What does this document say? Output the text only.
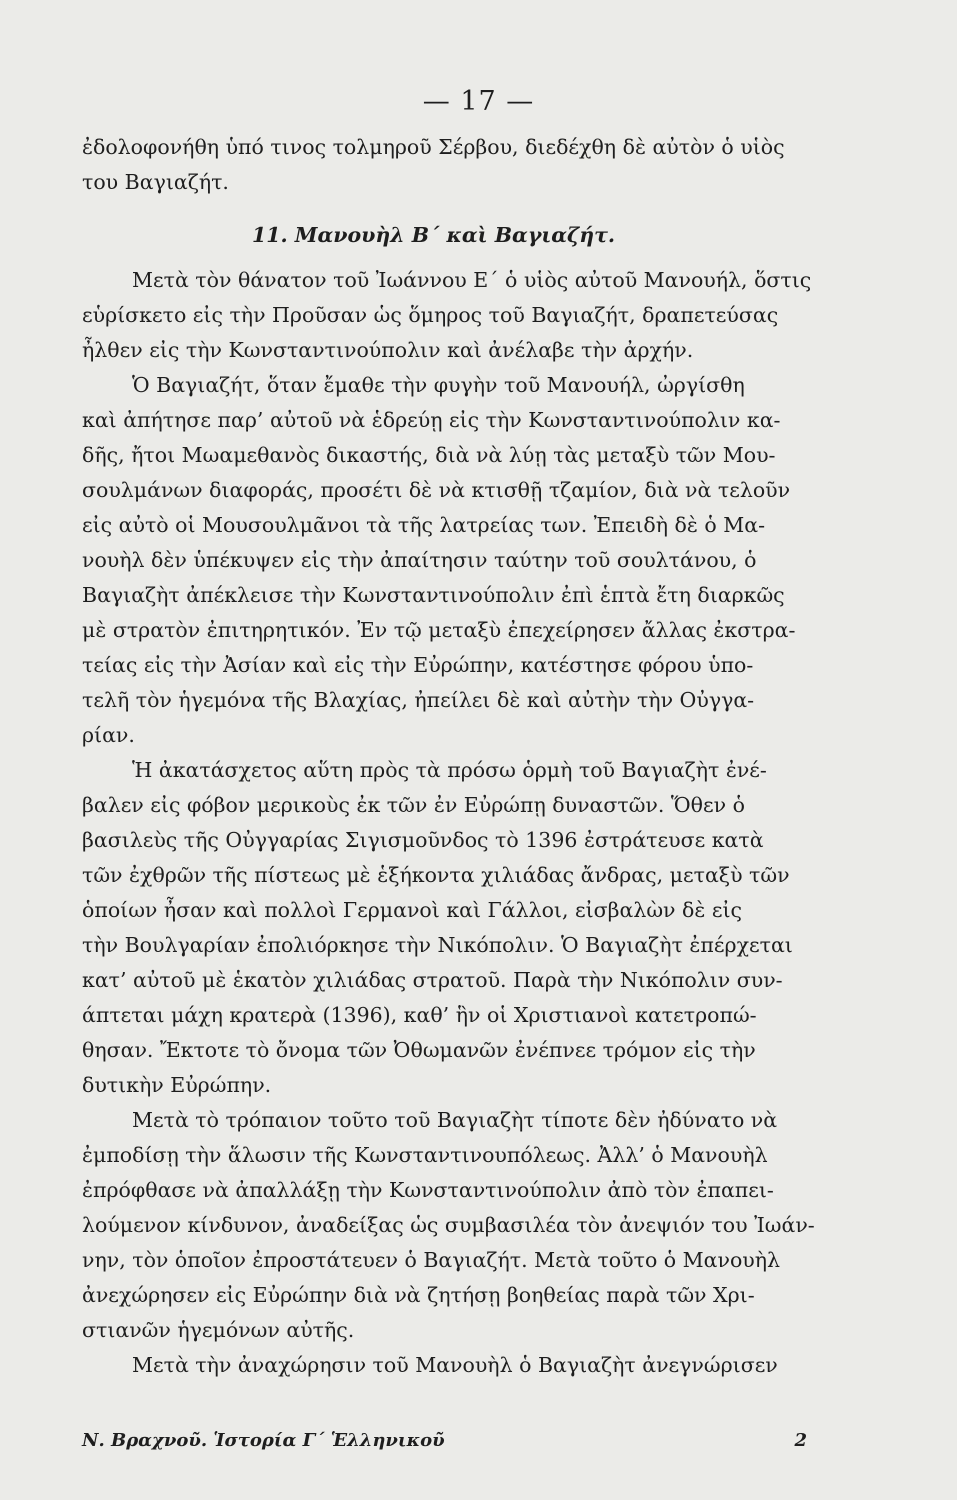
— 17 —
ἐδολοφονήθη ὑπό τινος τολμηροῦ Σέρβου, διεδέχθη δὲ αὐτὸν ὁ υἱὸς
του Βαγιαζήτ.
11. Μανουὴλ Β΄ καὶ Βαγιαζήτ.
Μετὰ τὸν θάνατον τοῦ Ἰωάννου Ε΄ ὁ υἱὸς αὐτοῦ Μανουήλ, ὅστις
εὑρίσκετο εἰς τὴν Προῦσαν ὡς ὅμηρος τοῦ Βαγιαζήτ, δραπετεύσας
ἦλθεν εἰς τὴν Κωνσταντινούπολιν καὶ ἀνέλαβε τὴν ἀρχήν.
Ὁ Βαγιαζήτ, ὅταν ἔμαθε τὴν φυγὴν τοῦ Μανουήλ, ὠργίσθη
καὶ ἀπήτησε παρ’ αὐτοῦ νὰ ἑδρεύῃ εἰς τὴν Κωνσταντινούπολιν κα-
δῆς, ἤτοι Μωαμεθανὸς δικαστής, διὰ νὰ λύῃ τὰς μεταξὺ τῶν Μου-
σουλμάνων διαφοράς, προσέτι δὲ νὰ κτισθῇ τζαμίον, διὰ νὰ τελοῦν
εἰς αὐτὸ οἱ Μουσουλμᾶνοι τὰ τῆς λατρείας των. Ἐπειδὴ δὲ ὁ Μα-
νουὴλ δὲν ὑπέκυψεν εἰς τὴν ἀπαίτησιν ταύτην τοῦ σουλτάνου, ὁ
Βαγιαζὴτ ἀπέκλεισε τὴν Κωνσταντινούπολιν ἐπὶ ἑπτὰ ἔτη διαρκῶς
μὲ στρατὸν ἐπιτηρητικόν. Ἐν τῷ μεταξὺ ἐπεχείρησεν ἄλλας ἐκστρα-
τείας εἰς τὴν Ἀσίαν καὶ εἰς τὴν Εὐρώπην, κατέστησε φόρου ὑπο-
τελῆ τὸν ἡγεμόνα τῆς Βλαχίας, ἠπείλει δὲ καὶ αὐτὴν τὴν Οὐγγα-
ρίαν.
Ἡ ἀκατάσχετος αὕτη πρὸς τὰ πρόσω ὁρμὴ τοῦ Βαγιαζὴτ ἐνέ-
βαλεν εἰς φόβον μερικοὺς ἐκ τῶν ἐν Εὐρώπῃ δυναστῶν. Ὅθεν ὁ
βασιλεὺς τῆς Οὐγγαρίας Σιγισμοῦνδος τὸ 1396 ἐστράτευσε κατὰ
τῶν ἐχθρῶν τῆς πίστεως μὲ ἑξήκοντα χιλιάδας ἄνδρας, μεταξὺ τῶν
ὁποίων ἦσαν καὶ πολλοὶ Γερμανοὶ καὶ Γάλλοι, εἰσβαλὼν δὲ εἰς
τὴν Βουλγαρίαν ἐπολιόρκησε τὴν Νικόπολιν. Ὁ Βαγιαζὴτ ἐπέρχεται
κατ’ αὐτοῦ μὲ ἑκατὸν χιλιάδας στρατοῦ. Παρὰ τὴν Νικόπολιν συν-
άπτεται μάχη κρατερὰ (1396), καθ’ ἣν οἱ Χριστιανοὶ κατετροπώ-
θησαν. Ἔκτοτε τὸ ὄνομα τῶν Ὀθωμανῶν ἐνέπνεε τρόμον εἰς τὴν
δυτικὴν Εὐρώπην.
Μετὰ τὸ τρόπαιον τοῦτο τοῦ Βαγιαζὴτ τίποτε δὲν ἠδύνατο νὰ
ἐμποδίσῃ τὴν ἅλωσιν τῆς Κωνσταντινουπόλεως. Ἀλλ’ ὁ Μανουὴλ
ἐπρόφθασε νὰ ἀπαλλάξῃ τὴν Κωνσταντινούπολιν ἀπὸ τὸν ἐπαπει-
λούμενον κίνδυνον, ἀναδείξας ὡς συμβασιλέα τὸν ἀνεψιόν του Ἰωάν-
νην, τὸν ὁποῖον ἐπροστάτευεν ὁ Βαγιαζήτ. Μετὰ τοῦτο ὁ Μανουὴλ
ἀνεχώρησεν εἰς Εὐρώπην διὰ νὰ ζητήσῃ βοηθείας παρὰ τῶν Χρι-
στιανῶν ἡγεμόνων αὐτῆς.
Μετὰ τὴν ἀναχώρησιν τοῦ Μανουὴλ ὁ Βαγιαζὴτ ἀνεγνώρισεν
Ν. Βραχνοῦ. Ἱστορία Γ΄ Ἑλληνικοῦ	2
